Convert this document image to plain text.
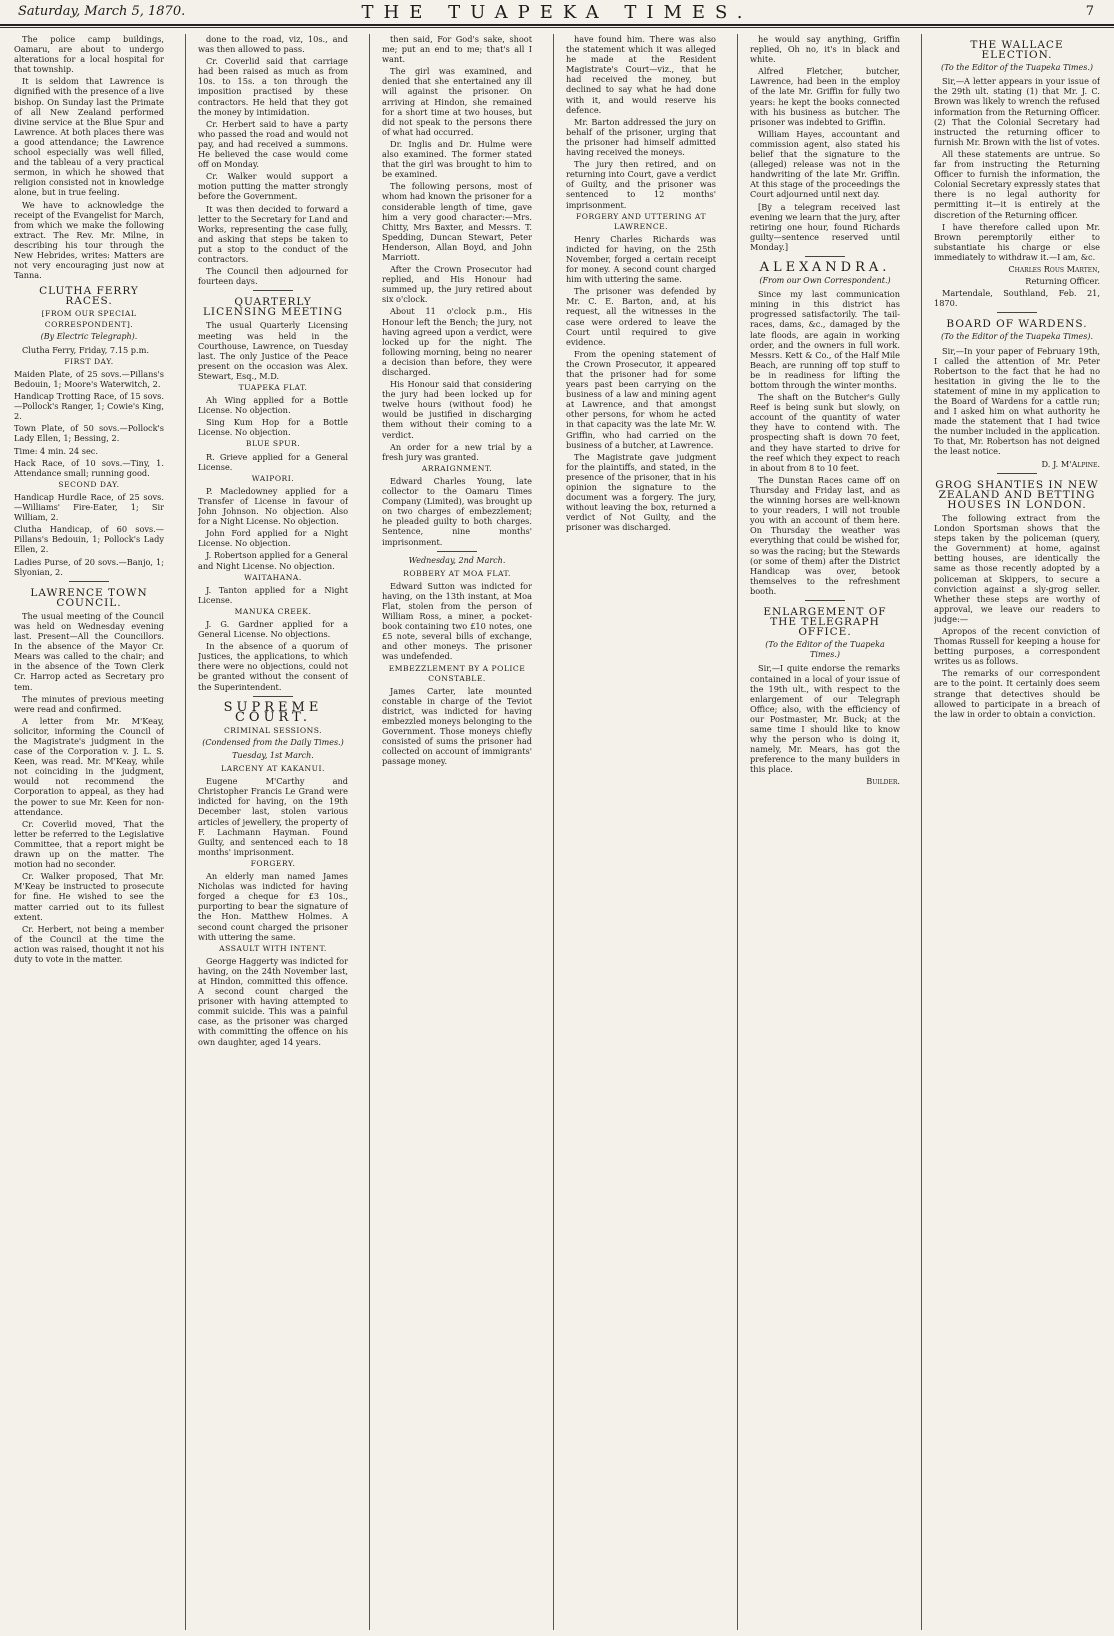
Saturday, March 5, 1870.	THE TUAPEKA TIMES.	7

The police camp buildings, Oamaru, are about to undergo alterations for a local hospital for that township.

It is seldom that Lawrence is dignified with the presence of a live bishop. On Sunday last the Primate of all New Zealand performed divine service at the Blue Spur and Lawrence. At both places there was a good attendance; the Lawrence school especially was well filled, and the tableau of a very practical sermon, in which he showed that religion consisted not in knowledge alone, but in true feeling.

We have to acknowledge the receipt of the Evangelist for March, from which we make the following extract. The Rev. Mr. Milne, in describing his tour through the New Hebrides, writes: Matters are not very encouraging just now at Tanna.

CLUTHA FERRY RACES.
[FROM OUR SPECIAL CORRESPONDENT].
(By Electric Telegraph).

Clutha Ferry, Friday, 7.15 p.m.

FIRST DAY.

Maiden Plate, of 25 sovs.—Pillans's Bedouin, 1; Moore's Waterwitch, 2.

Handicap Trotting Race, of 15 sovs.—Pollock's Ranger, 1; Cowie's King, 2.

Town Plate, of 50 sovs.—Pollock's Lady Ellen, 1; Bessing, 2.

Time: 4 min. 24 sec.

Hack Race, of 10 sovs.—Tiny, 1. Attendance small; running good.

SECOND DAY.

Handicap Hurdle Race, of 25 sovs.—Williams' Fire-Eater, 1; Sir William, 2.

Clutha Handicap, of 60 sovs.—Pillans's Bedouin, 1; Pollock's Lady Ellen, 2.

Ladies Purse, of 20 sovs.—Banjo, 1; Slyonian, 2.

LAWRENCE TOWN COUNCIL.

The usual meeting of the Council was held on Wednesday evening last. Present—All the Councillors. In the absence of the Mayor Cr. Mears was called to the chair; and in the absence of the Town Clerk Cr. Harrop acted as Secretary pro tem.

The minutes of previous meeting were read and confirmed.

A letter from Mr. M'Keay, solicitor, informing the Council of the Magistrate's judgment in the case of the Corporation v. J. L. S. Keen, was read. Mr. M'Keay, while not coinciding in the judgment, would not recommend the Corporation to appeal, as they had the power to sue Mr. Keen for non-attendance.

Cr. Coverlid moved, That the letter be referred to the Legislative Committee, that a report might be drawn up on the matter. The motion had no seconder.

Cr. Walker proposed, That Mr. M'Keay be instructed to prosecute for fine. He wished to see the matter carried out to its fullest extent.

Cr. Herbert, not being a member of the Council at the time the action was raised, thought it not his duty to vote in the matter.

done to the road, viz, 10s., and was then allowed to pass.

Cr. Coverlid said that carriage had been raised as much as from 10s. to 15s. a ton through the imposition practised by these contractors. He held that they got the money by intimidation.

Cr. Herbert said to have a party who passed the road and would not pay, and had received a summons. He believed the case would come off on Monday.

Cr. Walker would support a motion putting the matter strongly before the Government.

It was then decided to forward a letter to the Secretary for Land and Works, representing the case fully, and asking that steps be taken to put a stop to the conduct of the contractors.

The Council then adjourned for fourteen days.

QUARTERLY LICENSING MEETING

The usual Quarterly Licensing meeting was held in the Courthouse, Lawrence, on Tuesday last. The only Justice of the Peace present on the occasion was Alex. Stewart, Esq., M.D.

TUAPEKA FLAT.

Ah Wing applied for a Bottle License. No objection.

Sing Kum Hop for a Bottle License. No objection.

BLUE SPUR.

R. Grieve applied for a General License.

WAIPORI.

P. Macledowney applied for a Transfer of License in favour of John Johnson. No objection. Also for a Night License. No objection.

John Ford applied for a Night License. No objection.

J. Robertson applied for a General and Night License. No objection.

WAITAHANA.

J. Tanton applied for a Night License.

MANUKA CREEK.

J. G. Gardner applied for a General License. No objections.

In the absence of a quorum of Justices, the applications, to which there were no objections, could not be granted without the consent of the Superintendent.

SUPREME COURT.
CRIMINAL SESSIONS.
(Condensed from the Daily Times.)
Tuesday, 1st March.
LARCENY AT KAKANUI.

Eugene M'Carthy and Christopher Francis Le Grand were indicted for having, on the 19th December last, stolen various articles of jewellery, the property of F. Lachmann Hayman. Found Guilty, and sentenced each to 18 months' imprisonment.

FORGERY.

An elderly man named James Nicholas was indicted for having forged a cheque for £3 10s., purporting to bear the signature of the Hon. Matthew Holmes. A second count charged the prisoner with uttering the same.

ASSAULT WITH INTENT.

George Haggerty was indicted for having, on the 24th November last, at Hindon, committed this offence. A second count charged the prisoner with having attempted to commit suicide. This was a painful case, as the prisoner was charged with committing the offence on his own daughter, aged 14 years.

then said, For God's sake, shoot me; put an end to me; that's all I want.

The girl was examined, and denied that she entertained any ill will against the prisoner. On arriving at Hindon, she remained for a short time at two houses, but did not speak to the persons there of what had occurred.

Dr. Inglis and Dr. Hulme were also examined. The former stated that the girl was brought to him to be examined.

The following persons, most of whom had known the prisoner for a considerable length of time, gave him a very good character:—Mrs. Chitty, Mrs Baxter, and Messrs. T. Spedding, Duncan Stewart, Peter Henderson, Allan Boyd, and John Marriott.

After the Crown Prosecutor had replied, and His Honour had summed up, the jury retired about six o'clock.

About 11 o'clock p.m., His Honour left the Bench; the jury, not having agreed upon a verdict, were locked up for the night. The following morning, being no nearer a decision than before, they were discharged.

His Honour said that considering the jury had been locked up for twelve hours (without food) he would be justified in discharging them without their coming to a verdict.

An order for a new trial by a fresh jury was granted.

ARRAIGNMENT.

Edward Charles Young, late collector to the Oamaru Times Company (Limited), was brought up on two charges of embezzlement; he pleaded guilty to both charges. Sentence, nine months' imprisonment.

Wednesday, 2nd March.
ROBBERY AT MOA FLAT.

Edward Sutton was indicted for having, on the 13th instant, at Moa Flat, stolen from the person of William Ross, a miner, a pocket-book containing two £10 notes, one £5 note, several bills of exchange, and other moneys. The prisoner was undefended.

EMBEZZLEMENT BY A POLICE CONSTABLE.

James Carter, late mounted constable in charge of the Teviot district, was indicted for having embezzled moneys belonging to the Government. Those moneys chiefly consisted of sums the prisoner had collected on account of immigrants' passage money.

have found him. There was also the statement which it was alleged he made at the Resident Magistrate's Court—viz., that he had received the money, but declined to say what he had done with it, and would reserve his defence.

Mr. Barton addressed the jury on behalf of the prisoner, urging that the prisoner had himself admitted having received the moneys.

The jury then retired, and on returning into Court, gave a verdict of Guilty, and the prisoner was sentenced to 12 months' imprisonment.

FORGERY AND UTTERING AT LAWRENCE.

Henry Charles Richards was indicted for having, on the 25th November, forged a certain receipt for money. A second count charged him with uttering the same.

The prisoner was defended by Mr. C. E. Barton, and, at his request, all the witnesses in the case were ordered to leave the Court until required to give evidence.

From the opening statement of the Crown Prosecutor, it appeared that the prisoner had for some years past been carrying on the business of a law and mining agent at Lawrence, and that amongst other persons, for whom he acted in that capacity was the late Mr. W. Griffin, who had carried on the business of a butcher, at Lawrence.

The Magistrate gave judgment for the plaintiffs, and stated, in the presence of the prisoner, that in his opinion the signature to the document was a forgery. The jury, without leaving the box, returned a verdict of Not Guilty, and the prisoner was discharged.

he would say anything, Griffin replied, Oh no, it's in black and white.

Alfred Fletcher, butcher, Lawrence, had been in the employ of the late Mr. Griffin for fully two years: he kept the books connected with his business as butcher. The prisoner was indebted to Griffin.

William Hayes, accountant and commission agent, also stated his belief that the signature to the (alleged) release was not in the handwriting of the late Mr. Griffin. At this stage of the proceedings the Court adjourned until next day.

[By a telegram received last evening we learn that the jury, after retiring one hour, found Richards guilty—sentence reserved until Monday.]

ALEXANDRA.
(From our Own Correspondent.)

Since my last communication mining in this district has progressed satisfactorily. The tail-races, dams, &c., damaged by the late floods, are again in working order, and the owners in full work. Messrs. Kett & Co., of the Half Mile Beach, are running off top stuff to be in readiness for lifting the bottom through the winter months.

The shaft on the Butcher's Gully Reef is being sunk but slowly, on account of the quantity of water they have to contend with. The prospecting shaft is down 70 feet, and they have started to drive for the reef which they expect to reach in about from 8 to 10 feet.

The Dunstan Races came off on Thursday and Friday last, and as the winning horses are well-known to your readers, I will not trouble you with an account of them here. On Thursday the weather was everything that could be wished for, so was the racing; but the Stewards (or some of them) after the District Handicap was over, betook themselves to the refreshment booth.

ENLARGEMENT OF THE TELEGRAPH OFFICE.
(To the Editor of the Tuapeka Times.)

Sir,—I quite endorse the remarks contained in a local of your issue of the 19th ult., with respect to the enlargement of our Telegraph Office; also, with the efficiency of our Postmaster, Mr. Buck; at the same time I should like to know why the person who is doing it, namely, Mr. Mears, has got the preference to the many builders in this place.

Builder.

THE WALLACE ELECTION.
(To the Editor of the Tuapeka Times.)

Sir,—A letter appears in your issue of the 29th ult. stating (1) that Mr. J. C. Brown was likely to wrench the refused information from the Returning Officer. (2) That the Colonial Secretary had instructed the returning officer to furnish Mr. Brown with the list of votes.

All these statements are untrue. So far from instructing the Returning Officer to furnish the information, the Colonial Secretary expressly states that there is no legal authority for permitting it—it is entirely at the discretion of the Returning officer.

I have therefore called upon Mr. Brown peremptorily either to substantiate his charge or else immediately to withdraw it.—I am, &c.

Charles Rous Marten,

Returning Officer.

Martendale, Southland, Feb. 21, 1870.

BOARD OF WARDENS.
(To the Editor of the Tuapeka Times).

Sir,—In your paper of February 19th, I called the attention of Mr. Peter Robertson to the fact that he had no hesitation in giving the lie to the statement of mine in my application to the Board of Wardens for a cattle run; and I asked him on what authority he made the statement that I had twice the number included in the application. To that, Mr. Robertson has not deigned the least notice.

D. J. M'Alpine.

GROG SHANTIES IN NEW ZEALAND AND BETTING HOUSES IN LONDON.

The following extract from the London Sportsman shows that the steps taken by the policeman (query, the Government) at home, against betting houses, are identically the same as those recently adopted by a policeman at Skippers, to secure a conviction against a sly-grog seller. Whether these steps are worthy of approval, we leave our readers to judge:—

Apropos of the recent conviction of Thomas Russell for keeping a house for betting purposes, a correspondent writes us as follows.

The remarks of our correspondent are to the point. It certainly does seem strange that detectives should be allowed to participate in a breach of the law in order to obtain a conviction.
